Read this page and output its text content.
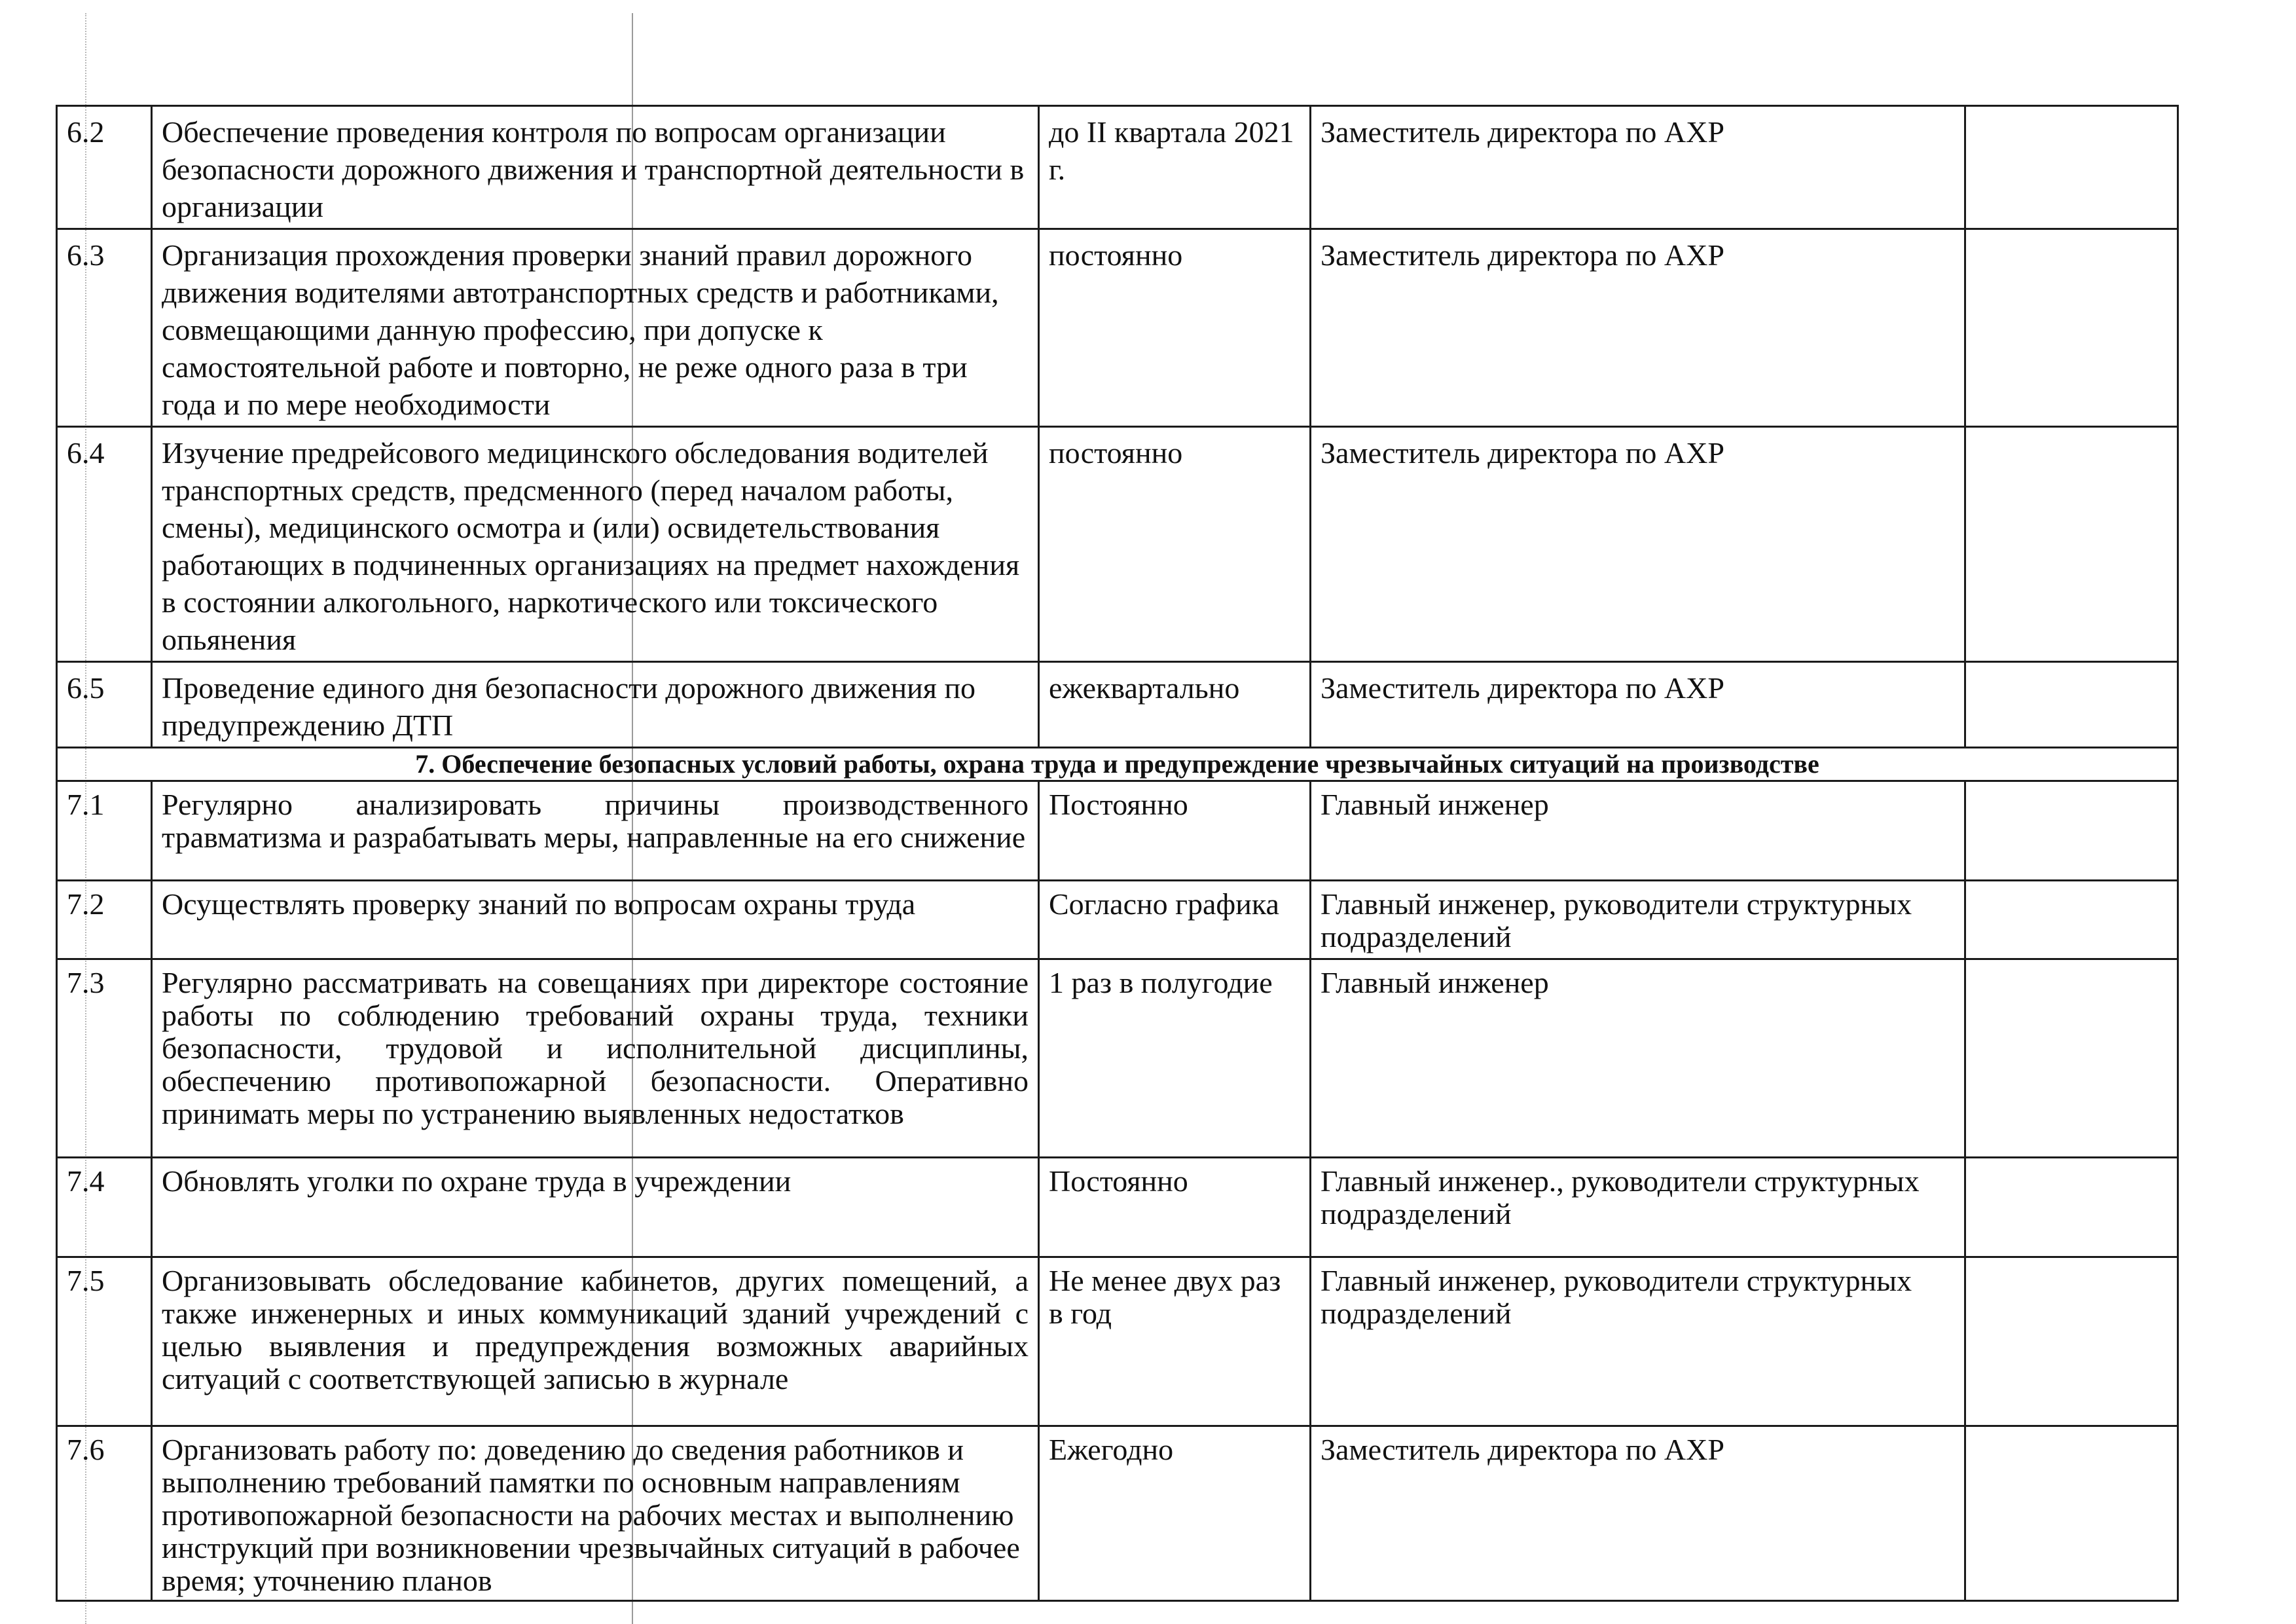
6.2	Обеспечение проведения контроля по вопросам организации безопасности дорожного движения и транспортной деятельности в организации	до II квартала 2021 г.	Заместитель директора по АХР	
6.3	Организация прохождения проверки знаний правил дорожного движения водителями автотранспортных средств и работниками, совмещающими данную профессию, при допуске к самостоятельной работе и повторно, не реже одного раза в три года и по мере необходимости	постоянно	Заместитель директора по АХР	
6.4	Изучение предрейсового медицинского обследования водителей транспортных средств, предсменного (перед началом работы, смены), медицинского осмотра и (или) освидетельствования работающих в подчиненных организациях на предмет нахождения в состоянии алкогольного, наркотического или токсического опьянения	постоянно	Заместитель директора по АХР	
6.5	Проведение единого дня безопасности дорожного движения по предупреждению ДТП	ежеквартально	Заместитель директора по АХР	
7. Обеспечение безопасных условий работы, охрана труда и предупреждение чрезвычайных ситуаций на производстве				
7.1	Регулярно анализировать причины производственного травматизма и разрабатывать меры, направленные на его снижение	Постоянно	Главный инженер	
7.2	Осуществлять проверку знаний по вопросам охраны труда	Согласно графика	Главный инженер, руководители структурных подразделений	
7.3	Регулярно рассматривать на совещаниях при директоре состояние работы по соблюдению требований охраны труда, техники безопасности, трудовой и исполнительной дисциплины, обеспечению противопожарной безопасности. Оперативно принимать меры по устранению выявленных недостатков	1 раз в полугодие	Главный инженер	
7.4	Обновлять уголки по охране труда в учреждении	Постоянно	Главный инженер., руководители структурных подразделений	
7.5	Организовывать обследование кабинетов, других помещений, а также инженерных и иных коммуникаций зданий учреждений с целью выявления и предупреждения возможных аварийных ситуаций с соответствующей записью в журнале	Не менее двух раз в год	Главный инженер, руководители структурных подразделений	
7.6	Организовать работу по: доведению до сведения работников и выполнению требований памятки по основным направлениям противопожарной безопасности на рабочих местах и выполнению инструкций при возникновении чрезвычайных ситуаций в рабочее время; уточнению планов	Ежегодно	Заместитель директора по АХР	
